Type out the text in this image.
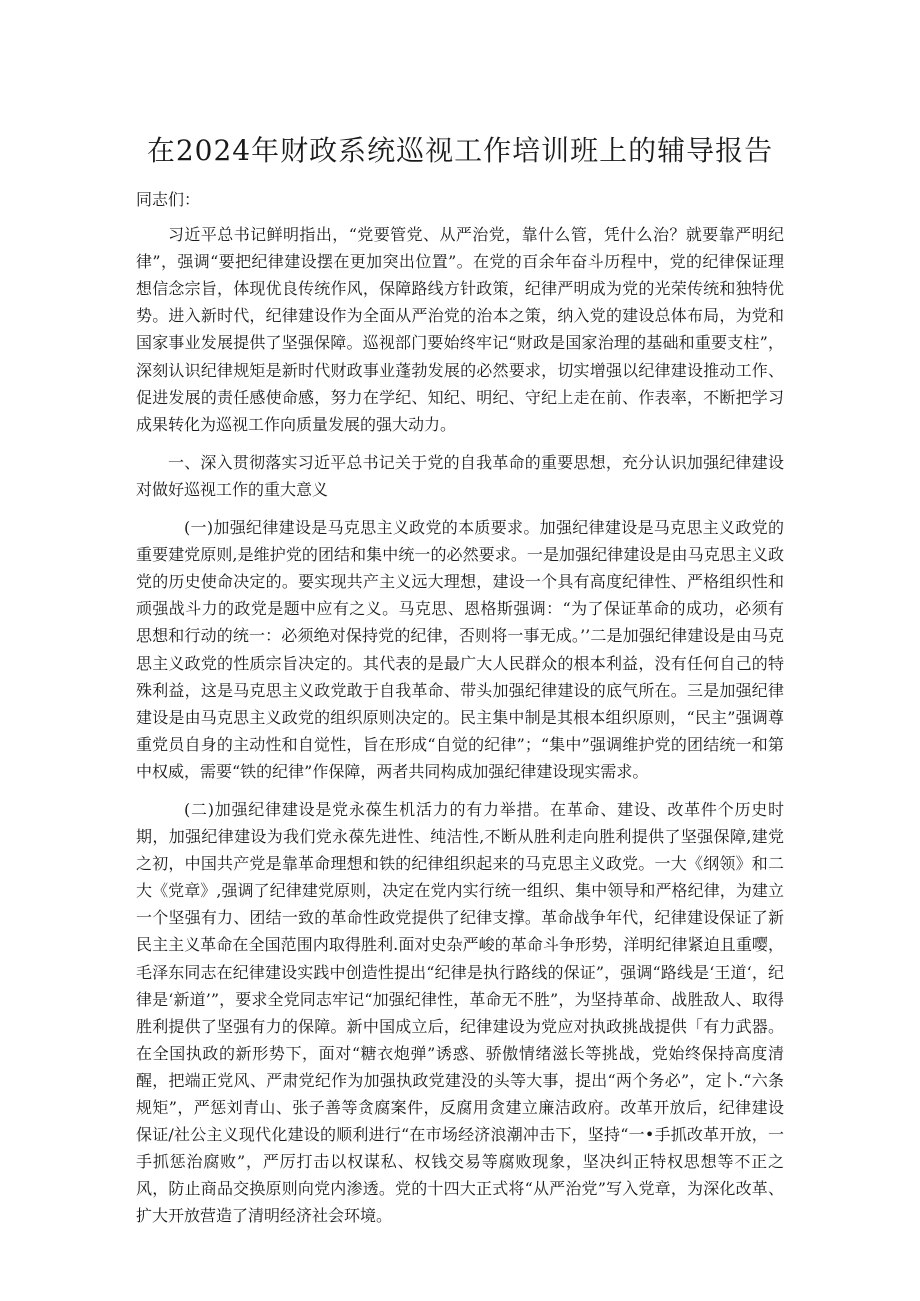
在2024年财政系统巡视工作培训班上的辅导报告

同志们：

习近平总书记鲜明指出，“党要管党、从严治党，靠什么管，凭什么治？就要靠严明纪律”，强调“要把纪律建设摆在更加突出位置”。在党的百余年奋斗历程中，党的纪律保证理想信念宗旨，体现优良传统作风，保障路线方针政策，纪律严明成为党的光荣传统和独特优势。进入新时代，纪律建设作为全面从严治党的治本之策，纳入党的建设总体布局，为党和国家事业发展提供了坚强保障。巡视部门要始终牢记“财政是国家治理的基础和重要支柱”，深刻认识纪律规矩是新时代财政事业蓬勃发展的必然要求，切实增强以纪律建设推动工作、促进发展的责任感使命感，努力在学纪、知纪、明纪、守纪上走在前、作表率，不断把学习成果转化为巡视工作向质量发展的强大动力。

一、深入贯彻落实习近平总书记关于党的自我革命的重要思想，充分认识加强纪律建设对做好巡视工作的重大意义

(一)加强纪律建设是马克思主义政党的本质要求。加强纪律建设是马克思主义政党的重要建党原则,是维护党的团结和集中统一的必然要求。一是加强纪律建设是由马克思主义政党的历史使命决定的。要实现共产主义远大理想，建设一个具有高度纪律性、严格组织性和顽强战斗力的政党是题中应有之义。马克思、恩格斯强调：“为了保证革命的成功，必须有思想和行动的统一：必须绝对保持党的纪律，否则将一事无成。’’二是加强纪律建设是由马克思主义政党的性质宗旨决定的。其代表的是最广大人民群众的根本利益，没有任何自己的特殊利益，这是马克思主义政党敢于自我革命、带头加强纪律建设的底气所在。三是加强纪律建设是由马克思主义政党的组织原则决定的。民主集中制是其根本组织原则，“民主”强调尊重党员自身的主动性和自觉性，旨在形成“自觉的纪律”；“集中”强调维护党的团结统一和第中权威，需要“铁的纪律”作保障，两者共同构成加强纪律建设现实需求。

(二)加强纪律建设是党永葆生机活力的有力举措。在革命、建设、改革件个历史时期，加强纪律建设为我们党永葆先进性、纯洁性,不断从胜利走向胜利提供了坚强保障,建党之初，中国共产党是靠革命理想和铁的纪律组织起来的马克思主义政党。一大《纲领》和二大《党章》,强调了纪律建党原则，决定在党内实行统一组织、集中领导和严格纪律，为建立一个坚强有力、团结一致的革命性政党提供了纪律支撑。革命战争年代，纪律建设保证了新民主主义革命在全国范围内取得胜利.面对史杂严峻的革命斗争形势，洋明纪律紧迫且重嘤，毛泽东同志在纪律建设实践中创造性提出“纪律是执行路线的保证”，强调“路线是‘王道‘，纪律是‘新道’”，要求全党同志牢记“加强纪律性，革命无不胜”，为坚持革命、战胜敌人、取得胜利提供了坚强有力的保障。新中国成立后，纪律建设为党应对执政挑战提供「有力武器。在全国执政的新形势下，面对“糖衣炮弹”诱惑、骄傲情绪滋长等挑战，党始终保持高度清醒，把端正党风、严肃党纪作为加强执政党建没的头等大事，提出“两个务必”，定卜.“六条规矩”，严惩刘青山、张子善等贪腐案件，反腐用贪建立廉洁政府。改革开放后，纪律建设保证/社公主义现代化建设的顺利进行“在市场经济浪潮冲击下，坚持“一•手抓改革开放，一手抓惩治腐败”，严厉打击以权谋私、权钱交易等腐败现象，坚决纠正特权思想等不正之风，防止商品交换原则向党内渗透。党的十四大正式将“从严治党”写入党章，为深化改革、扩大开放营造了清明经济社会环境。
